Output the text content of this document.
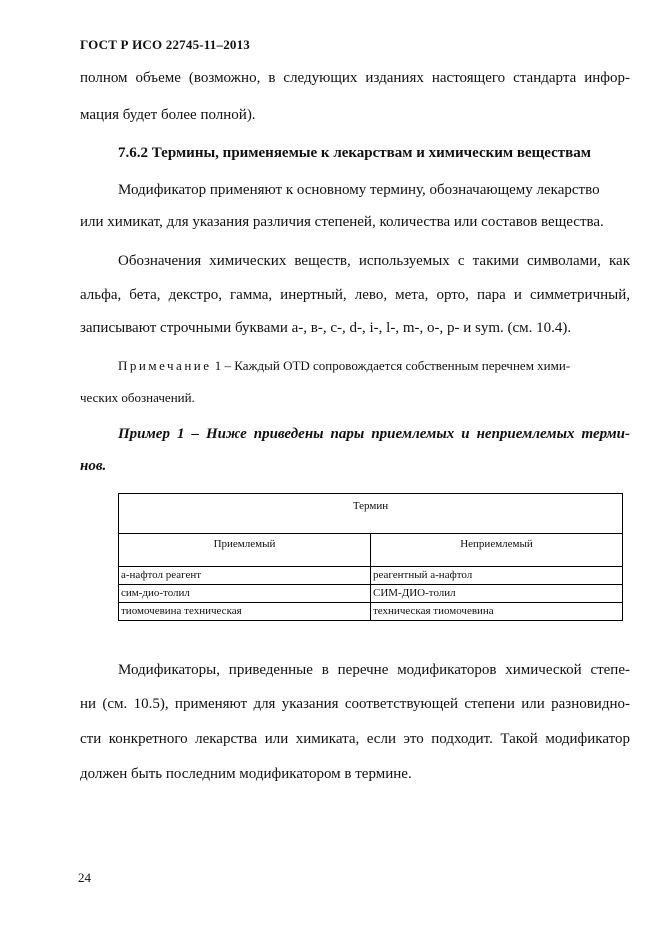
ГОСТ Р ИСО 22745-11–2013
полном объеме (возможно, в следующих изданиях настоящего стандарта инфор-
мация будет более полной).
7.6.2 Термины, применяемые к лекарствам и химическим веществам
Модификатор применяют к основному термину, обозначающему лекарство
или химикат, для указания различия степеней, количества или составов вещества.
Обозначения химических веществ, используемых с такими символами, как
альфа, бета, декстро, гамма, инертный, лево, мета, орто, пара и симметричный,
записывают строчными буквами а-, в-, с-, d-, i-, l-, m-, о-, р- и sym. (см. 10.4).
Примечание 1 – Каждый OTD сопровождается собственным перечнем хими-
ческих обозначений.
Пример 1 – Ниже приведены пары приемлемых и неприемлемых терми-
нов.
Термин	
Приемлемый	Неприемлемый
а-нафтол реагент	реагентный а-нафтол
сим-дио-толил	СИМ-ДИО-толил
тиомочевина техническая	техническая тиомочевина
Модификаторы, приведенные в перечне модификаторов химической степе-
ни (см. 10.5), применяют для указания соответствующей степени или разновидно-
сти конкретного лекарства или химиката, если это подходит. Такой модификатор
должен быть последним модификатором в термине.
24
